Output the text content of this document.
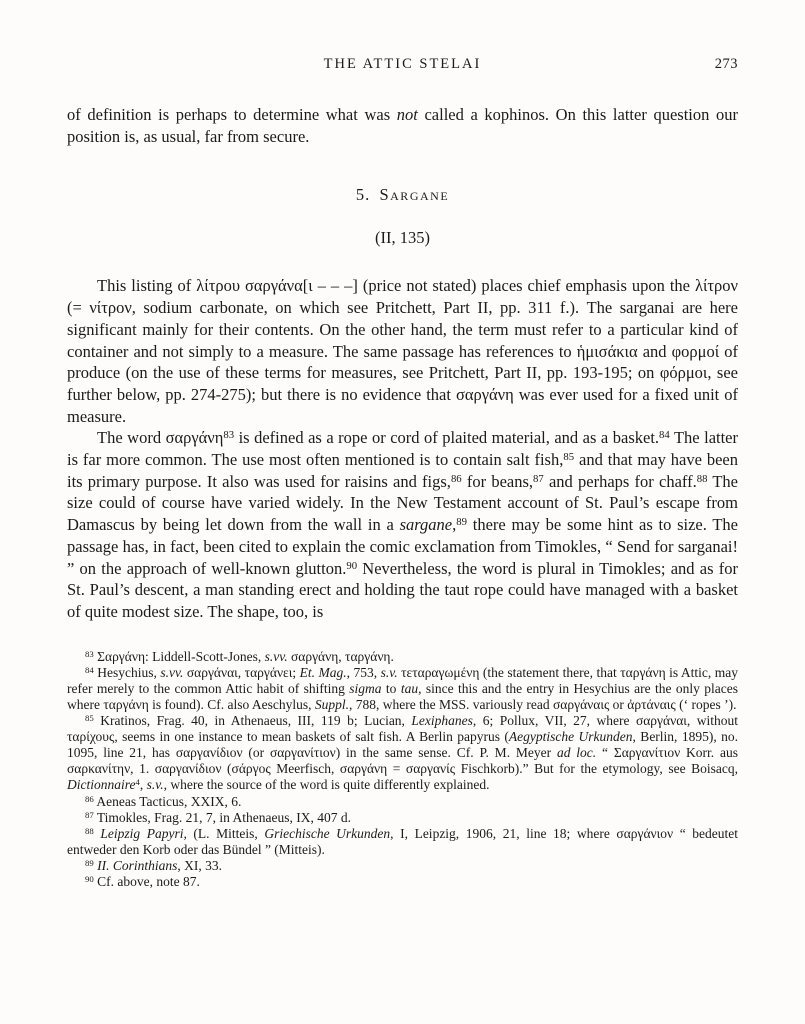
THE ATTIC STELAI	273

of definition is perhaps to determine what was not called a kophinos. On this latter question our position is, as usual, far from secure.

5. Sargane
(II, 135)

This listing of λίτρου σαργάνα[ι – – –] (price not stated) places chief emphasis upon the λίτρον (= νίτρον, sodium carbonate, on which see Pritchett, Part II, pp. 311 f.). The sarganai are here significant mainly for their contents. On the other hand, the term must refer to a particular kind of container and not simply to a measure. The same passage has references to ἡμισάκια and φορμοί of produce (on the use of these terms for measures, see Pritchett, Part II, pp. 193-195; on φόρμοι, see further below, pp. 274-275); but there is no evidence that σαργάνη was ever used for a fixed unit of measure.

The word σαργάνη$^{83}$ is defined as a rope or cord of plaited material, and as a basket.$^{84}$ The latter is far more common. The use most often mentioned is to contain salt fish,$^{85}$ and that may have been its primary purpose. It also was used for raisins and figs,$^{86}$ for beans,$^{87}$ and perhaps for chaff.$^{88}$ The size could of course have varied widely. In the New Testament account of St. Paul’s escape from Damascus by being let down from the wall in a sargane,$^{89}$ there may be some hint as to size. The passage has, in fact, been cited to explain the comic exclamation from Timokles, “ Send for sarganai! ” on the approach of well-known glutton.$^{90}$ Nevertheless, the word is plural in Timokles; and as for St. Paul’s descent, a man standing erect and holding the taut rope could have managed with a basket of quite modest size. The shape, too, is

$^{83}$ Σαργάνη: Liddell-Scott-Jones, s.vv. σαργάνη, ταργάνη.

$^{84}$ Hesychius, s.vv. σαργάναι, ταργάνει; Et. Mag., 753, s.v. τεταραγωμένη (the statement there, that ταργάνη is Attic, may refer merely to the common Attic habit of shifting sigma to tau, since this and the entry in Hesychius are the only places where ταργάνη is found). Cf. also Aeschylus, Suppl., 788, where the MSS. variously read σαργάναις or ἀρτάναις (‘ ropes ’).

$^{85}$ Kratinos, Frag. 40, in Athenaeus, III, 119 b; Lucian, Lexiphanes, 6; Pollux, VII, 27, where σαργάναι, without ταρίχους, seems in one instance to mean baskets of salt fish. A Berlin papyrus (Aegyptische Urkunden, Berlin, 1895), no. 1095, line 21, has σαργανίδιον (or σαργανίτιον) in the same sense. Cf. P. M. Meyer ad loc. “ Σαργανίτιον Korr. aus σαρκανίτην, 1. σαργανίδιον (σάργος Meerfisch, σαργάνη = σαργανίς Fischkorb).” But for the etymology, see Boisacq, Dictionnaire$^4$, s.v., where the source of the word is quite differently explained.

$^{86}$ Aeneas Tacticus, XXIX, 6.

$^{87}$ Timokles, Frag. 21, 7, in Athenaeus, IX, 407 d.

$^{88}$ Leipzig Papyri, (L. Mitteis, Griechische Urkunden, I, Leipzig, 1906, 21, line 18; where σαργάνιον “ bedeutet entweder den Korb oder das Bündel ” (Mitteis).

$^{89}$ II. Corinthians, XI, 33.

$^{90}$ Cf. above, note 87.
